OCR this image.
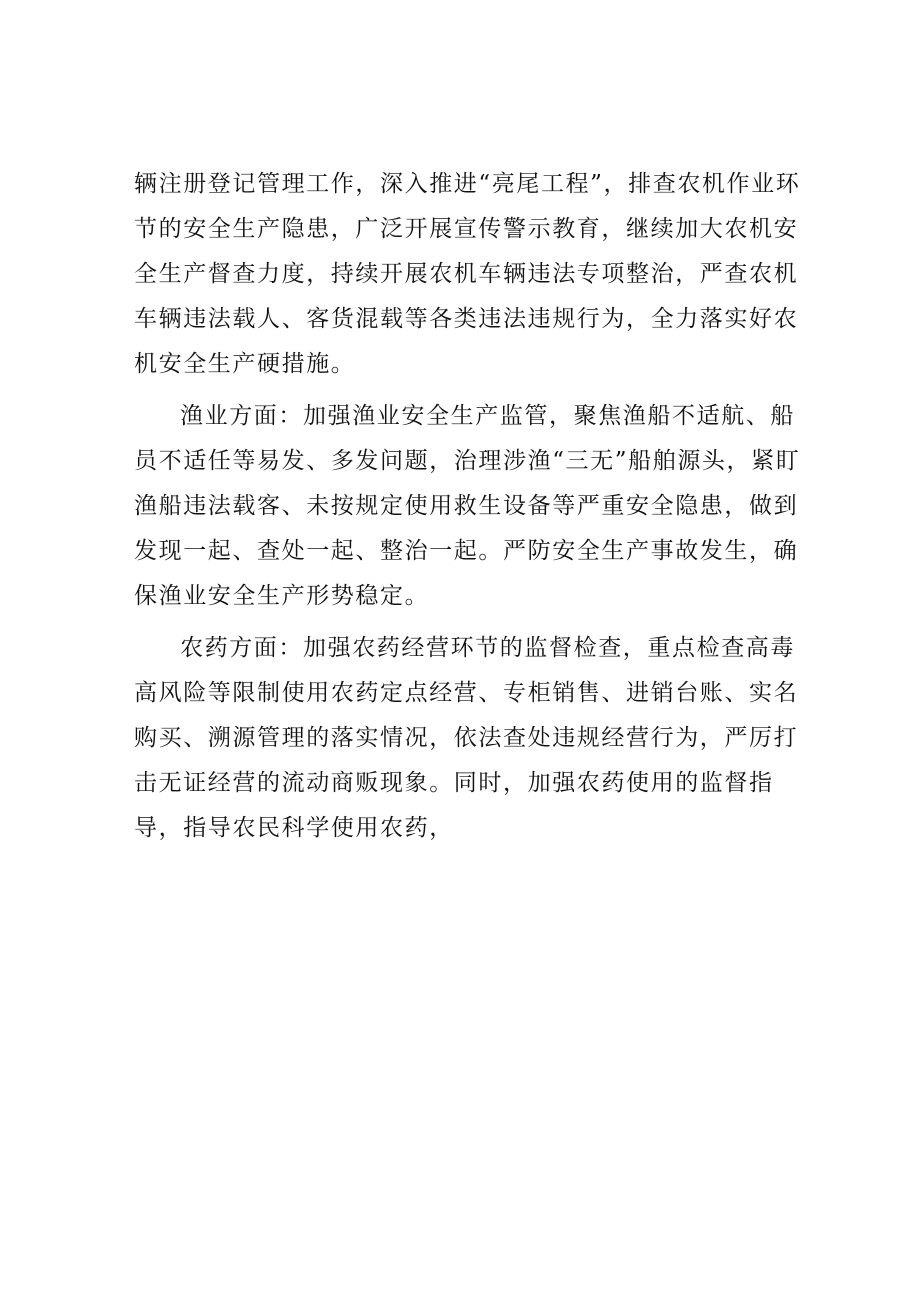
辆注册登记管理工作，深入推进“亮尾工程”，排查农机作业环节的安全生产隐患，广泛开展宣传警示教育，继续加大农机安全生产督查力度，持续开展农机车辆违法专项整治，严查农机车辆违法载人、客货混载等各类违法违规行为，全力落实好农机安全生产硬措施。

渔业方面：加强渔业安全生产监管，聚焦渔船不适航、船员不适任等易发、多发问题，治理涉渔“三无”船舶源头，紧盯渔船违法载客、未按规定使用救生设备等严重安全隐患，做到发现一起、查处一起、整治一起。严防安全生产事故发生，确保渔业安全生产形势稳定。

农药方面：加强农药经营环节的监督检查，重点检查高毒高风险等限制使用农药定点经营、专柜销售、进销台账、实名购买、溯源管理的落实情况，依法查处违规经营行为，严厉打击无证经营的流动商贩现象。同时，加强农药使用的监督指导，指导农民科学使用农药，
